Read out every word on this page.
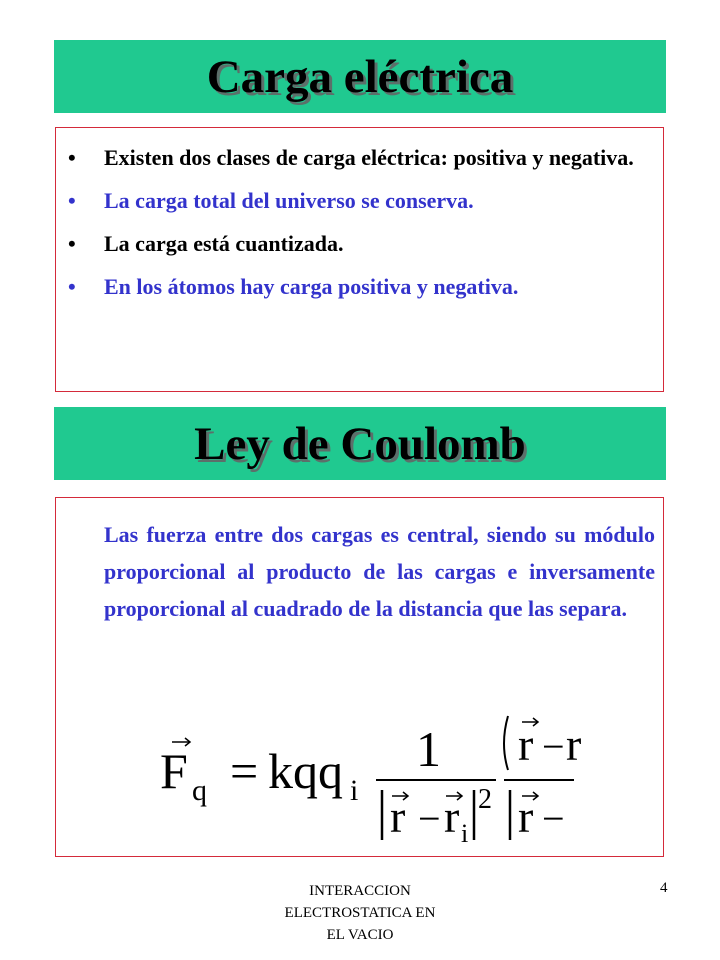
Carga eléctrica
• Existen dos clases de carga eléctrica: positiva y negativa.
• La carga total del universo se conserva.
• La carga está cuantizada.
• En los átomos hay carga positiva y negativa.
Ley de Coulomb
Las fuerza entre dos cargas es central, siendo su módulo proporcional al producto de las cargas e inversamente proporcional al cuadrado de la distancia que las separa.
F q = kqq i
1
r − r i
2
r − r
r −
INTERACCION
ELECTROSTATICA EN
EL VACIO
4
